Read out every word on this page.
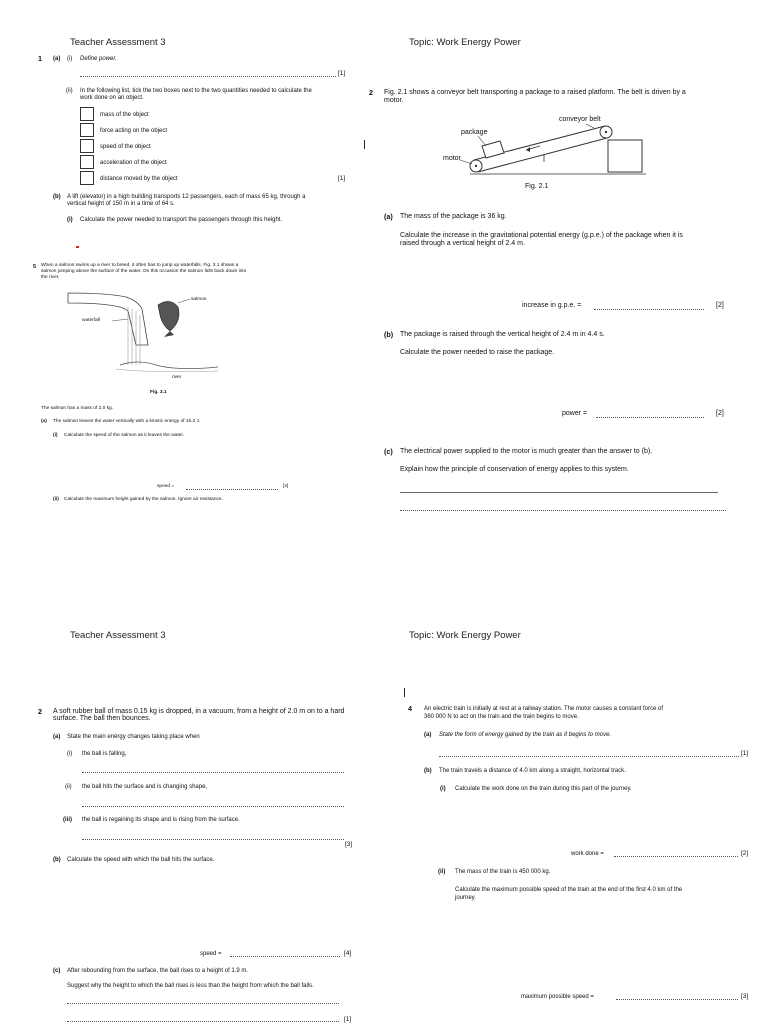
Teacher Assessment 3	Topic: Work Energy Power
1 (a) (i) Define power.
[1]
(ii) In the following list, tick the two boxes next to the two quantities needed to calculate the
work done on an object.
mass of the object
force acting on the object
speed of the object
acceleration of the object
distance moved by the object	[1]
(b) A lift (elevator) in a high building transports 12 passengers, each of mass 65 kg, through a
vertical height of 150 m in a time of 64 s.
(i) Calculate the power needed to transport the passengers through this height.
5 When a salmon swims up a river to breed, it often has to jump up waterfalls. Fig. 3.1 shows a
salmon jumping above the surface of the water. On this occasion the salmon falls back down into
the river.
salmon
waterfall
river
Fig. 3.1
The salmon has a mass of 2.0 kg.
(a) The salmon leaves the water vertically with a kinetic energy of 15.2 J.
(i) Calculate the speed of the salmon as it leaves the water.
speed =	[2]
(ii) Calculate the maximum height gained by the salmon. Ignore air resistance.
2 Fig. 2.1 shows a conveyor belt transporting a package to a raised platform. The belt is driven by a
motor.
conveyor belt
package
motor
Fig. 2.1
(a) The mass of the package is 36 kg.
Calculate the increase in the gravitational potential energy (g.p.e.) of the package when it is
raised through a vertical height of 2.4 m.
increase in g.p.e. =	[2]
(b) The package is raised through the vertical height of 2.4 m in 4.4 s.
Calculate the power needed to raise the package.
power =	[2]
(c) The electrical power supplied to the motor is much greater than the answer to (b).
Explain how the principle of conservation of energy applies to this system.
Teacher Assessment 3	Topic: Work Energy Power
2 A soft rubber ball of mass 0.15 kg is dropped, in a vacuum, from a height of 2.0 m on to a hard
surface. The ball then bounces.
(a) State the main energy changes taking place when
(i) the ball is falling,
(ii) the ball hits the surface and is changing shape,
(iii) the ball is regaining its shape and is rising from the surface.
[3]
(b) Calculate the speed with which the ball hits the surface.
speed =	[4]
(c) After rebounding from the surface, the ball rises to a height of 1.9 m.
Suggest why the height to which the ball rises is less than the height from which the ball falls.
[1]
4 An electric train is initially at rest at a railway station. The motor causes a constant force of
360 000 N to act on the train and the train begins to move.
(a) State the form of energy gained by the train as it begins to move.
[1]
(b) The train travels a distance of 4.0 km along a straight, horizontal track.
(i) Calculate the work done on the train during this part of the journey.
work done =	[2]
(ii) The mass of the train is 450 000 kg.
Calculate the maximum possible speed of the train at the end of the first 4.0 km of the
journey.
maximum possible speed =	[3]
